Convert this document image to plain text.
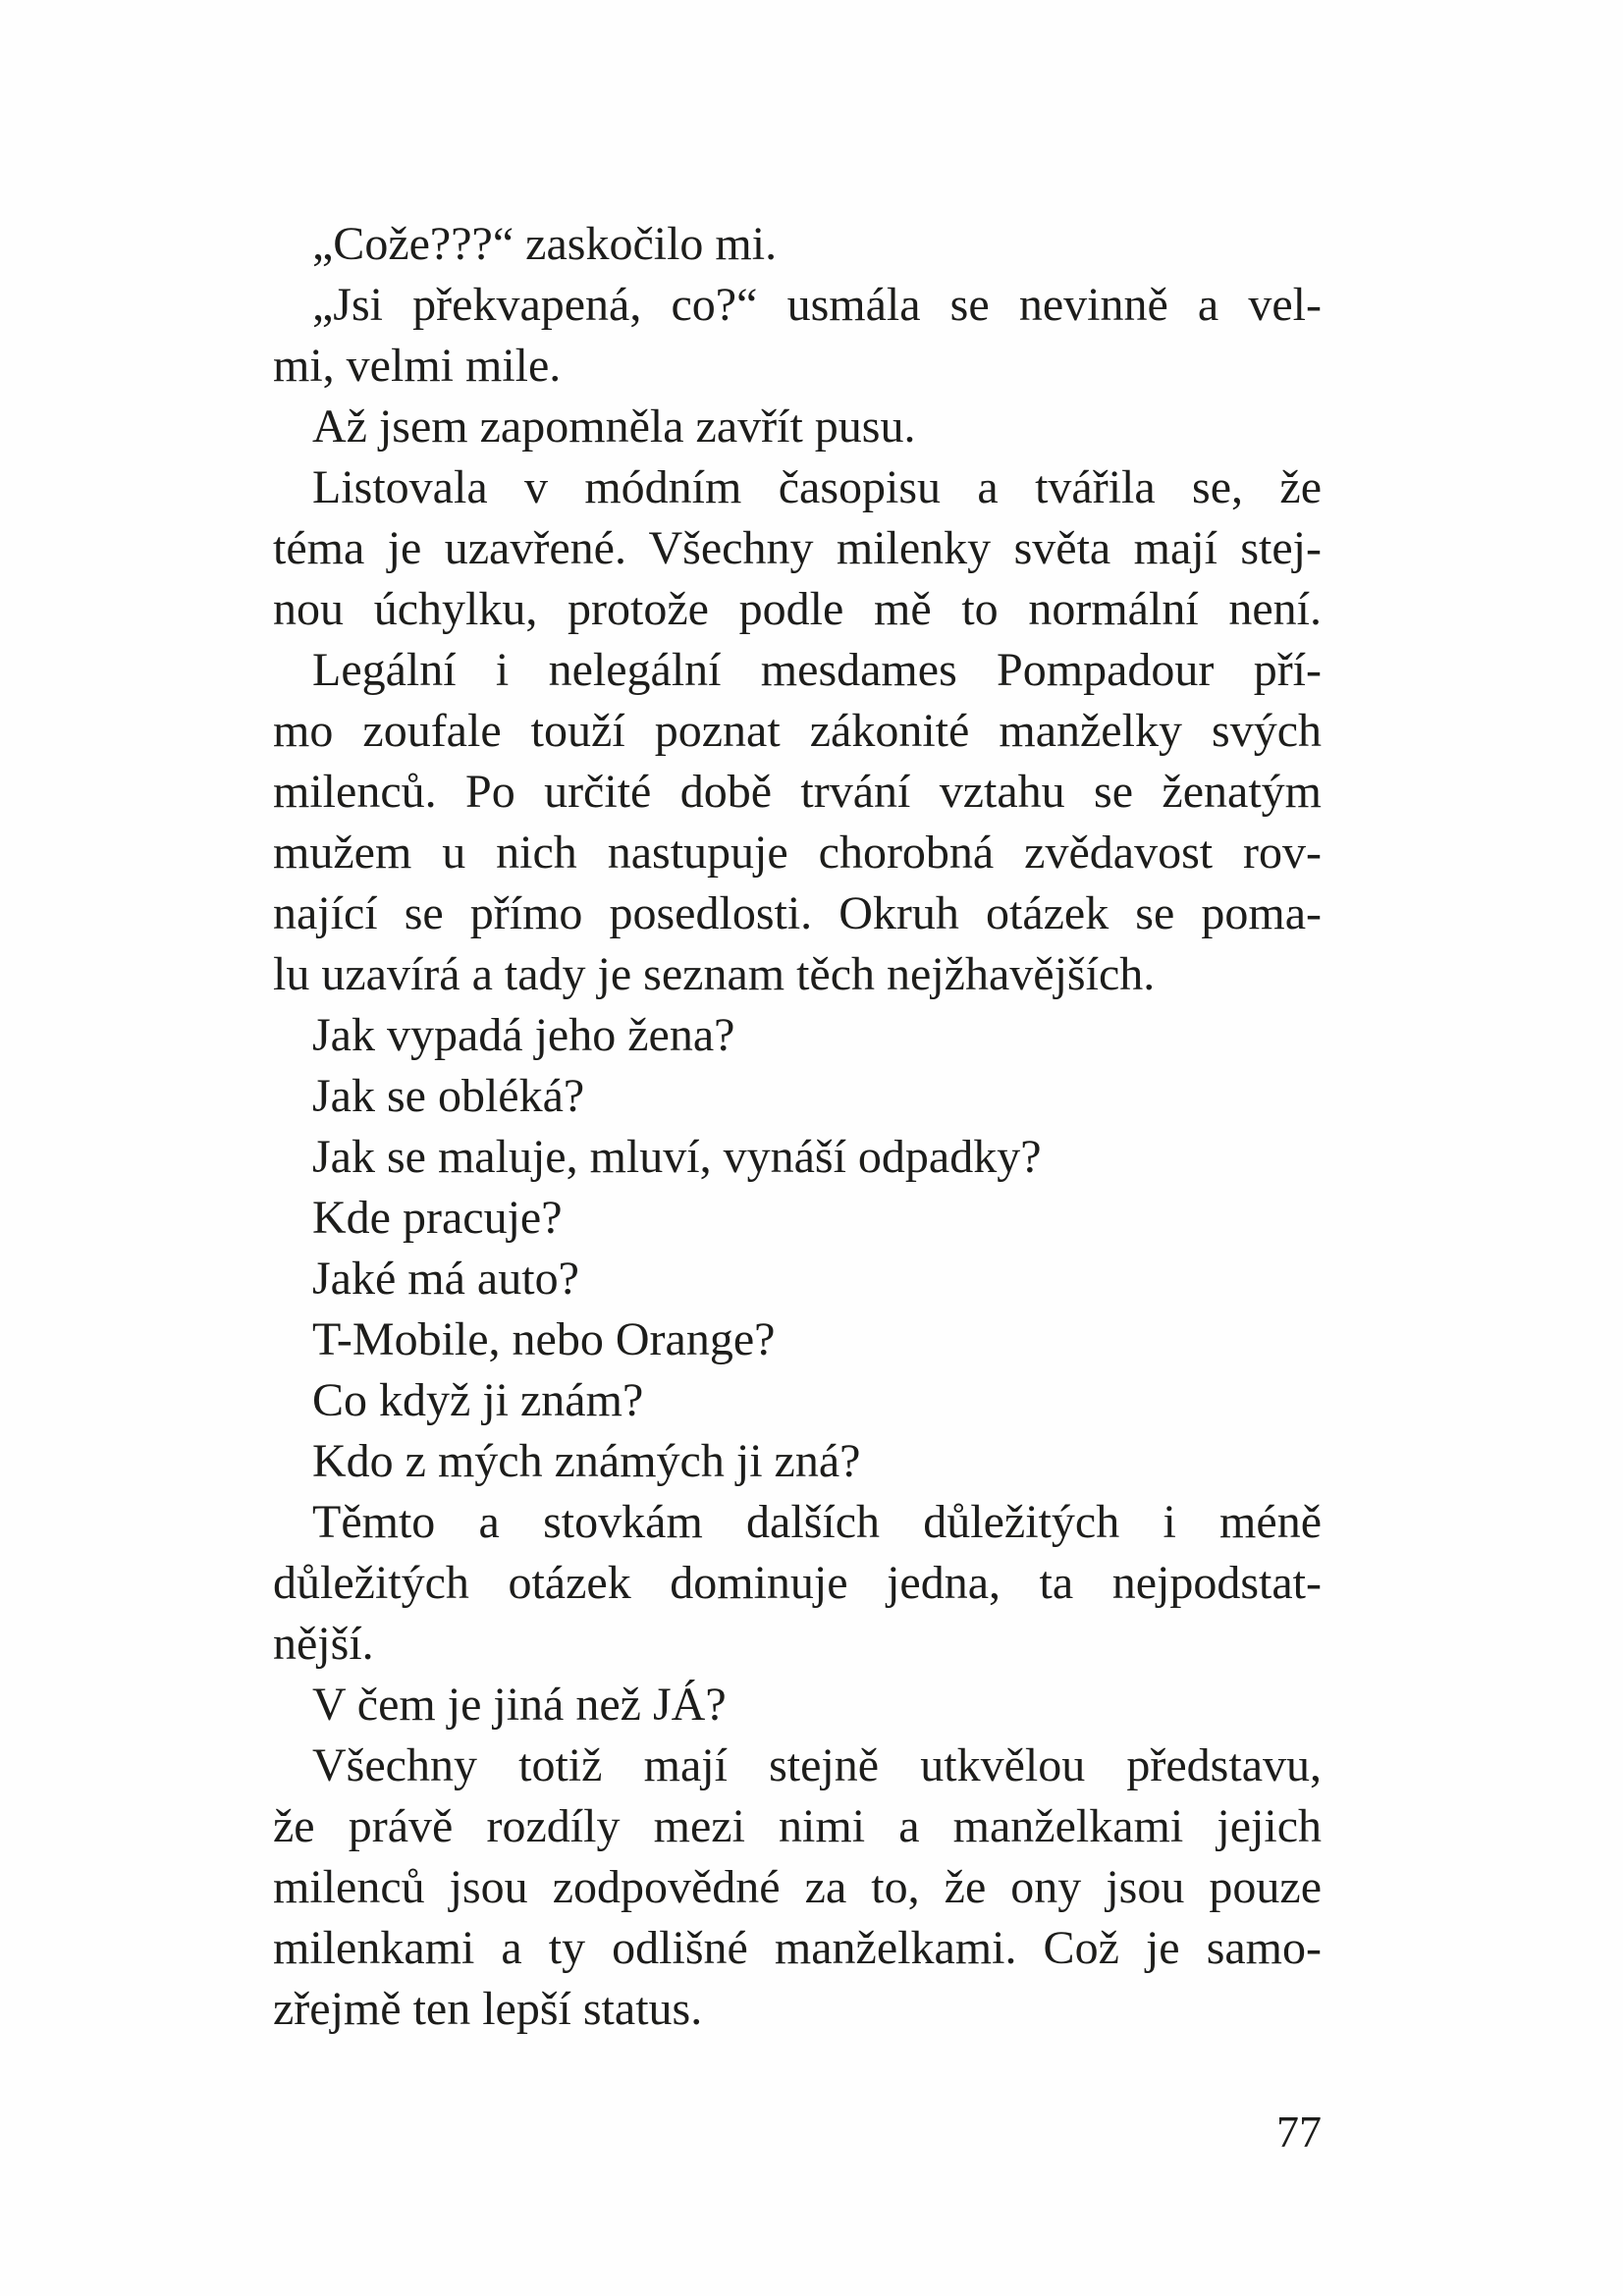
„Cože???“ zaskočilo mi.
„Jsi překvapená, co?“ usmála se nevinně a vel-
mi, velmi mile.
Až jsem zapomněla zavřít pusu.
Listovala v módním časopisu a tvářila se, že
téma je uzavřené. Všechny milenky světa mají stej-
nou úchylku, protože podle mě to normální není.
Legální i nelegální mesdames Pompadour pří-
mo zoufale touží poznat zákonité manželky svých
milenců. Po určité době trvání vztahu se ženatým
mužem u nich nastupuje chorobná zvědavost rov-
nající se přímo posedlosti. Okruh otázek se poma-
lu uzavírá a tady je seznam těch nejžhavějších.
Jak vypadá jeho žena?
Jak se obléká?
Jak se maluje, mluví, vynáší odpadky?
Kde pracuje?
Jaké má auto?
T-Mobile, nebo Orange?
Co když ji znám?
Kdo z mých známých ji zná?
Těmto a stovkám dalších důležitých i méně
důležitých otázek dominuje jedna, ta nejpodstat-
nější.
V čem je jiná než JÁ?
Všechny totiž mají stejně utkvělou představu,
že právě rozdíly mezi nimi a manželkami jejich
milenců jsou zodpovědné za to, že ony jsou pouze
milenkami a ty odlišné manželkami. Což je samo-
zřejmě ten lepší status.
77
